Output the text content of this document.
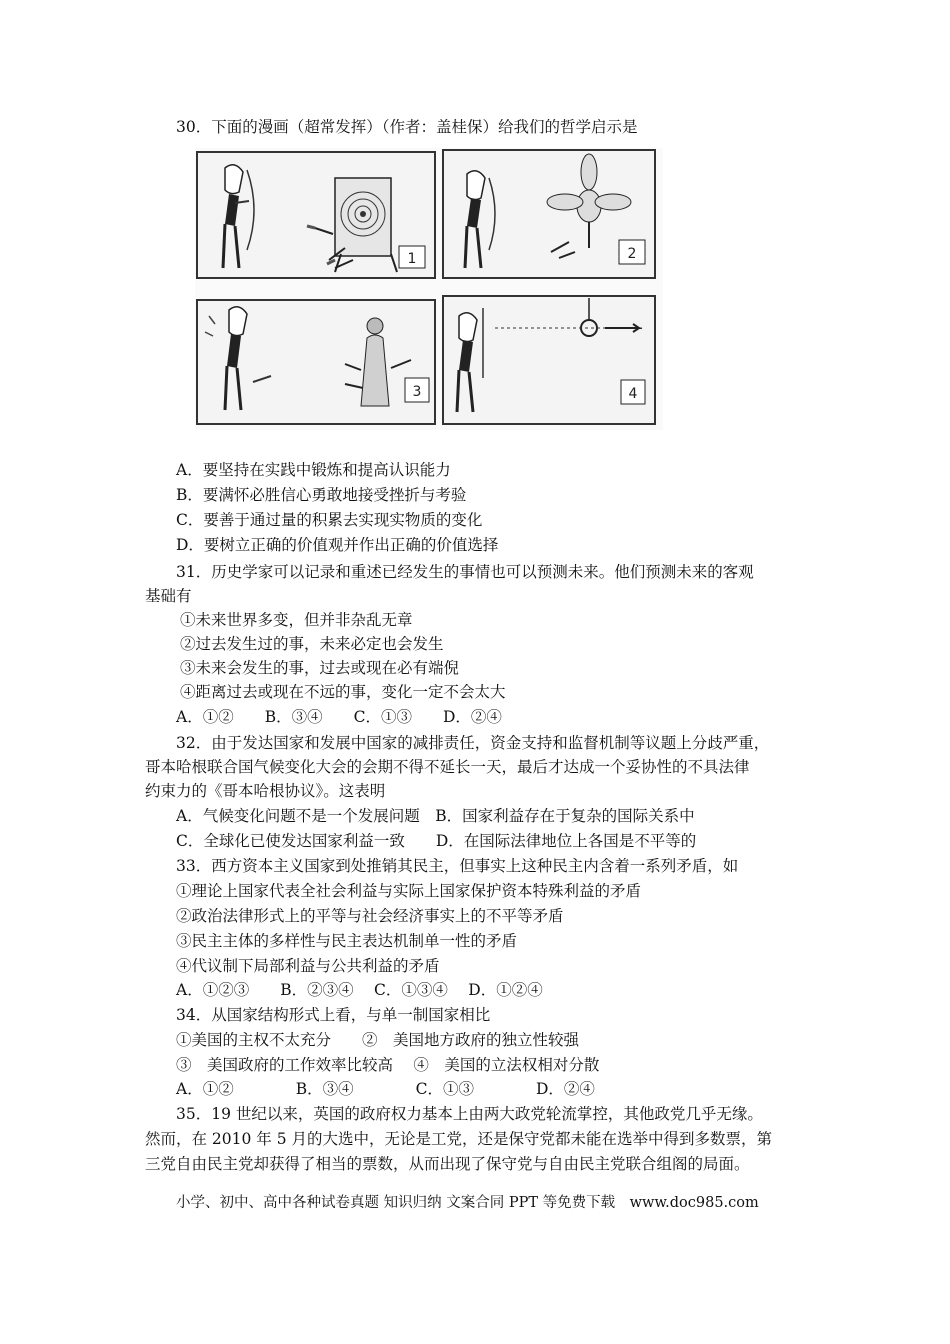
30．下面的漫画（超常发挥）（作者：盖桂保）给我们的哲学启示是
1	2
3	4
A．要坚持在实践中锻炼和提高认识能力
B．要满怀必胜信心勇敢地接受挫折与考验
C．要善于通过量的积累去实现实物质的变化
D．要树立正确的价值观并作出正确的价值选择
31．历史学家可以记录和重述已经发生的事情也可以预测未来。他们预测未来的客观
基础有
①未来世界多变，但并非杂乱无章
②过去发生过的事，未来必定也会发生
③未来会发生的事，过去或现在必有端倪
④距离过去或现在不远的事，变化一定不会太大
A．①②　　B．③④　　C．①③　　D．②④
32．由于发达国家和发展中国家的减排责任，资金支持和监督机制等议题上分歧严重，
哥本哈根联合国气候变化大会的会期不得不延长一天，最后才达成一个妥协性的不具法律
约束力的《哥本哈根协议》。这表明
A．气候变化问题不是一个发展问题　B．国家利益存在于复杂的国际关系中
C．全球化已使发达国家利益一致　　D．在国际法律地位上各国是不平等的
33．西方资本主义国家到处推销其民主，但事实上这种民主内含着一系列矛盾，如
①理论上国家代表全社会利益与实际上国家保护资本特殊利益的矛盾
②政治法律形式上的平等与社会经济事实上的不平等矛盾
③民主主体的多样性与民主表达机制单一性的矛盾
④代议制下局部利益与公共利益的矛盾
A．①②③　　B．②③④　 C．①③④　 D．①②④
34．从国家结构形式上看，与单一制国家相比
①美国的主权不太充分　　②　美国地方政府的独立性较强
③　美国政府的工作效率比较高　 ④　美国的立法权相对分散
A．①②　　　　B．③④　　　　C．①③　　　　D．②④
35．19 世纪以来，英国的政府权力基本上由两大政党轮流掌控，其他政党几乎无缘。
然而，在 2010 年 5 月的大选中，无论是工党，还是保守党都未能在选举中得到多数票，第
三党自由民主党却获得了相当的票数，从而出现了保守党与自由民主党联合组阁的局面。
小学、初中、高中各种试卷真题 知识归纳 文案合同 PPT 等免费下载　www.doc985.com
